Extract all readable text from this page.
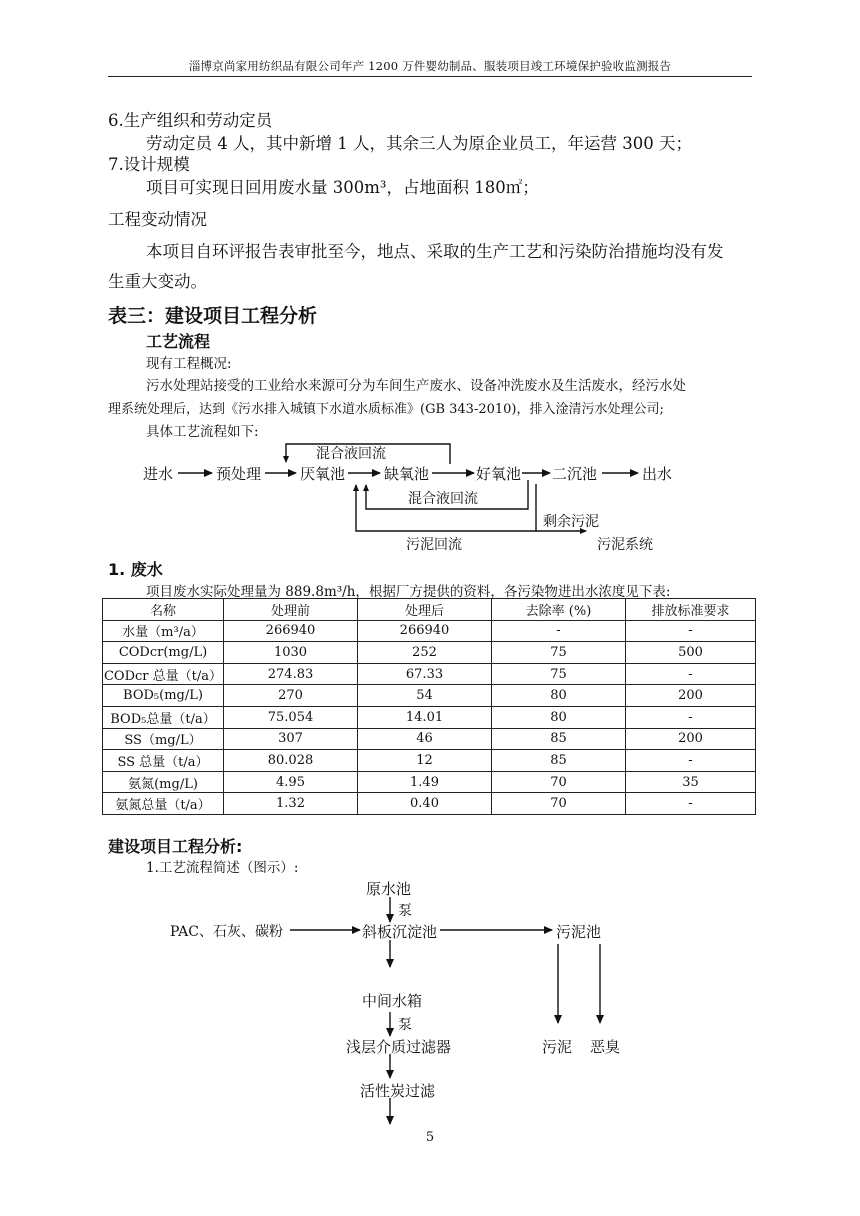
淄博京尚家用纺织品有限公司年产 1200 万件婴幼制品、服装项目竣工环境保护验收监测报告
6.生产组织和劳动定员
劳动定员 4 人，其中新增 1 人，其余三人为原企业员工，年运营 300 天；
7.设计规模
项目可实现日回用废水量 300m³，占地面积 180㎡；
工程变动情况
本项目自环评报告表审批至今，地点、采取的生产工艺和污染防治措施均没有发
生重大变动。
表三：建设项目工程分析
工艺流程
现有工程概况:
污水处理站接受的工业给水来源可分为车间生产废水、设备冲洗废水及生活废水，经污水处
理系统处理后，达到《污水排入城镇下水道水质标准》(GB 343-2010)，排入淦清污水处理公司;
具体工艺流程如下:
进水	预处理	厌氧池	缺氧池	好氧池 二沉池	出水
混合液回流
混合液回流
剩余污泥
污泥回流	污泥系统
1. 废水
项目废水实际处理量为 889.8m³/h，根据厂方提供的资料，各污染物进出水浓度见下表:
名称	处理前	处理后	去除率 (%)	排放标准要求
水量（m³/a）	266940	266940	-	-
CODcr(mg/L)	1030	252	75	500
CODcr 总量（t/a）	274.83	67.33	75	-
BOD₅(mg/L)	270	54	80	200
BOD₅总量（t/a）	75.054	14.01	80	-
SS（mg/L）	307	46	85	200
SS 总量（t/a）	80.028	12	85	-
氨氮(mg/L)	4.95	1.49	70	35
氨氮总量（t/a）	1.32	0.40	70	-
建设项目工程分析:
1.工艺流程简述（图示）:
原水池
泵
PAC、石灰、碳粉	斜板沉淀池	污泥池
中间水箱
泵
浅层介质过滤器	污泥 恶臭
活性炭过滤
5
